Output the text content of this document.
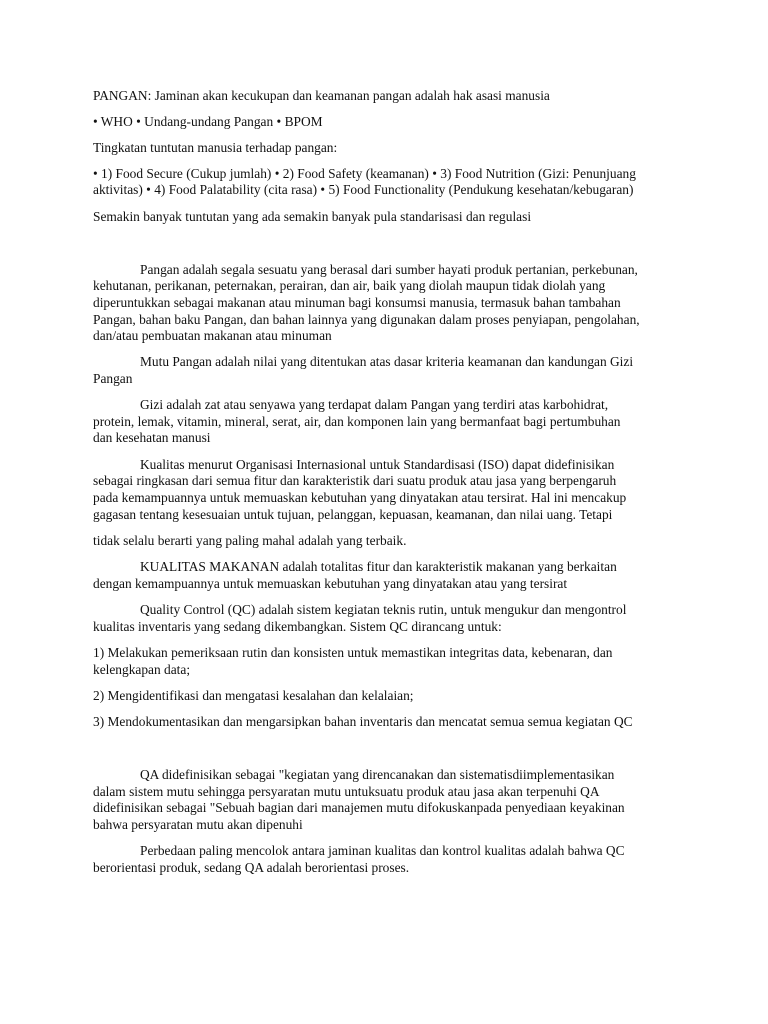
PANGAN: Jaminan akan kecukupan dan keamanan pangan adalah hak asasi manusia

• WHO • Undang-undang Pangan • BPOM

Tingkatan tuntutan manusia terhadap pangan:

• 1) Food Secure (Cukup jumlah) • 2) Food Safety (keamanan) • 3) Food Nutrition (Gizi: Penunjuang

aktivitas) • 4) Food Palatability (cita rasa) • 5) Food Functionality (Pendukung kesehatan/kebugaran)

Semakin banyak tuntutan yang ada semakin banyak pula standarisasi dan regulasi

Pangan adalah segala sesuatu yang berasal dari sumber hayati produk pertanian, perkebunan,

kehutanan, perikanan, peternakan, perairan, dan air, baik yang diolah maupun tidak diolah yang

diperuntukkan sebagai makanan atau minuman bagi konsumsi manusia, termasuk bahan tambahan

Pangan, bahan baku Pangan, dan bahan lainnya yang digunakan dalam proses penyiapan, pengolahan,

dan/atau pembuatan makanan atau minuman

Mutu Pangan adalah nilai yang ditentukan atas dasar kriteria keamanan dan kandungan Gizi

Pangan

Gizi adalah zat atau senyawa yang terdapat dalam Pangan yang terdiri atas karbohidrat,

protein, lemak, vitamin, mineral, serat, air, dan komponen lain yang bermanfaat bagi pertumbuhan

dan kesehatan manusi

Kualitas menurut Organisasi Internasional untuk Standardisasi (ISO) dapat didefinisikan

sebagai ringkasan dari semua fitur dan karakteristik dari suatu produk atau jasa yang berpengaruh

pada kemampuannya untuk memuaskan kebutuhan yang dinyatakan atau tersirat. Hal ini mencakup

gagasan tentang kesesuaian untuk tujuan, pelanggan, kepuasan, keamanan, dan nilai uang. Tetapi

tidak selalu berarti yang paling mahal adalah yang terbaik.

KUALITAS MAKANAN adalah totalitas fitur dan karakteristik makanan yang berkaitan

dengan kemampuannya untuk memuaskan kebutuhan yang dinyatakan atau yang tersirat

Quality Control (QC) adalah sistem kegiatan teknis rutin, untuk mengukur dan mengontrol

kualitas inventaris yang sedang dikembangkan. Sistem QC dirancang untuk:

1) Melakukan pemeriksaan rutin dan konsisten untuk memastikan integritas data, kebenaran, dan

kelengkapan data;

2) Mengidentifikasi dan mengatasi kesalahan dan kelalaian;

3) Mendokumentasikan dan mengarsipkan bahan inventaris dan mencatat semua semua kegiatan QC

QA didefinisikan sebagai "kegiatan yang direncanakan dan sistematisdiimplementasikan

dalam sistem mutu sehingga persyaratan mutu untuksuatu produk atau jasa akan terpenuhi QA

didefinisikan sebagai "Sebuah bagian dari manajemen mutu difokuskanpada penyediaan keyakinan

bahwa persyaratan mutu akan dipenuhi

Perbedaan paling mencolok antara jaminan kualitas dan kontrol kualitas adalah bahwa QC

berorientasi produk, sedang QA adalah berorientasi proses.
